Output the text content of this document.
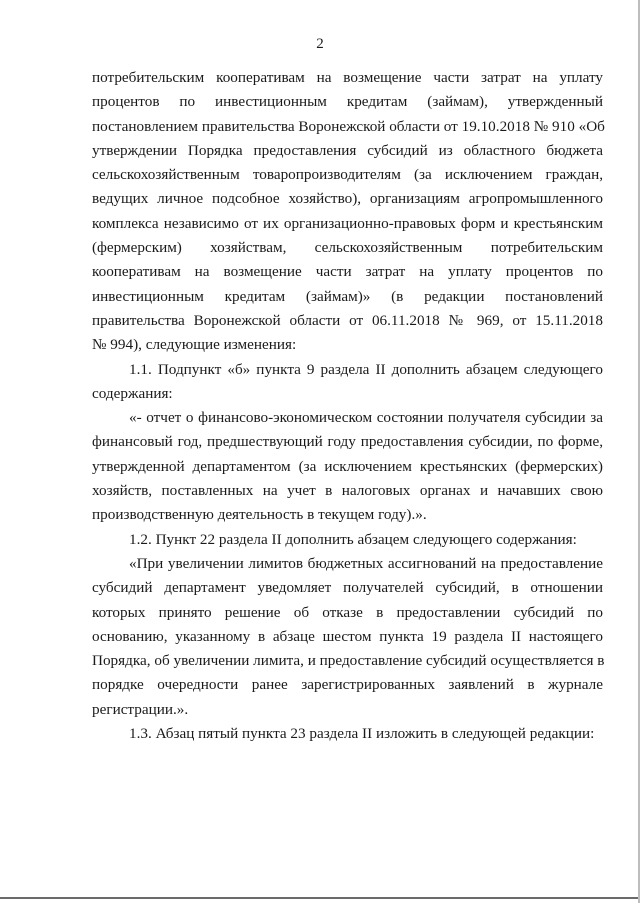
2
потребительским кооперативам на возмещение части затрат на уплату
процентов по инвестиционным кредитам (займам), утвержденный
постановлением правительства Воронежской области от 19.10.2018 № 910 «Об
утверждении Порядка предоставления субсидий из областного бюджета
сельскохозяйственным товаропроизводителям (за исключением граждан,
ведущих личное подсобное хозяйство), организациям агропромышленного
комплекса независимо от их организационно-правовых форм и крестьянским
(фермерским) хозяйствам, сельскохозяйственным потребительским
кооперативам на возмещение части затрат на уплату процентов по
инвестиционным кредитам (займам)» (в редакции постановлений
правительства Воронежской области от 06.11.2018 № 969, от 15.11.2018
№ 994), следующие изменения:
1.1. Подпункт «б» пункта 9 раздела II дополнить абзацем следующего
содержания:
«- отчет о финансово-экономическом состоянии получателя субсидии за
финансовый год, предшествующий году предоставления субсидии, по форме,
утвержденной департаментом (за исключением крестьянских (фермерских)
хозяйств, поставленных на учет в налоговых органах и начавших свою
производственную деятельность в текущем году).».
1.2. Пункт 22 раздела II дополнить абзацем следующего содержания:
«При увеличении лимитов бюджетных ассигнований на предоставление
субсидий департамент уведомляет получателей субсидий, в отношении
которых принято решение об отказе в предоставлении субсидий по
основанию, указанному в абзаце шестом пункта 19 раздела II настоящего
Порядка, об увеличении лимита, и предоставление субсидий осуществляется в
порядке очередности ранее зарегистрированных заявлений в журнале
регистрации.».
1.3. Абзац пятый пункта 23 раздела II изложить в следующей редакции:
